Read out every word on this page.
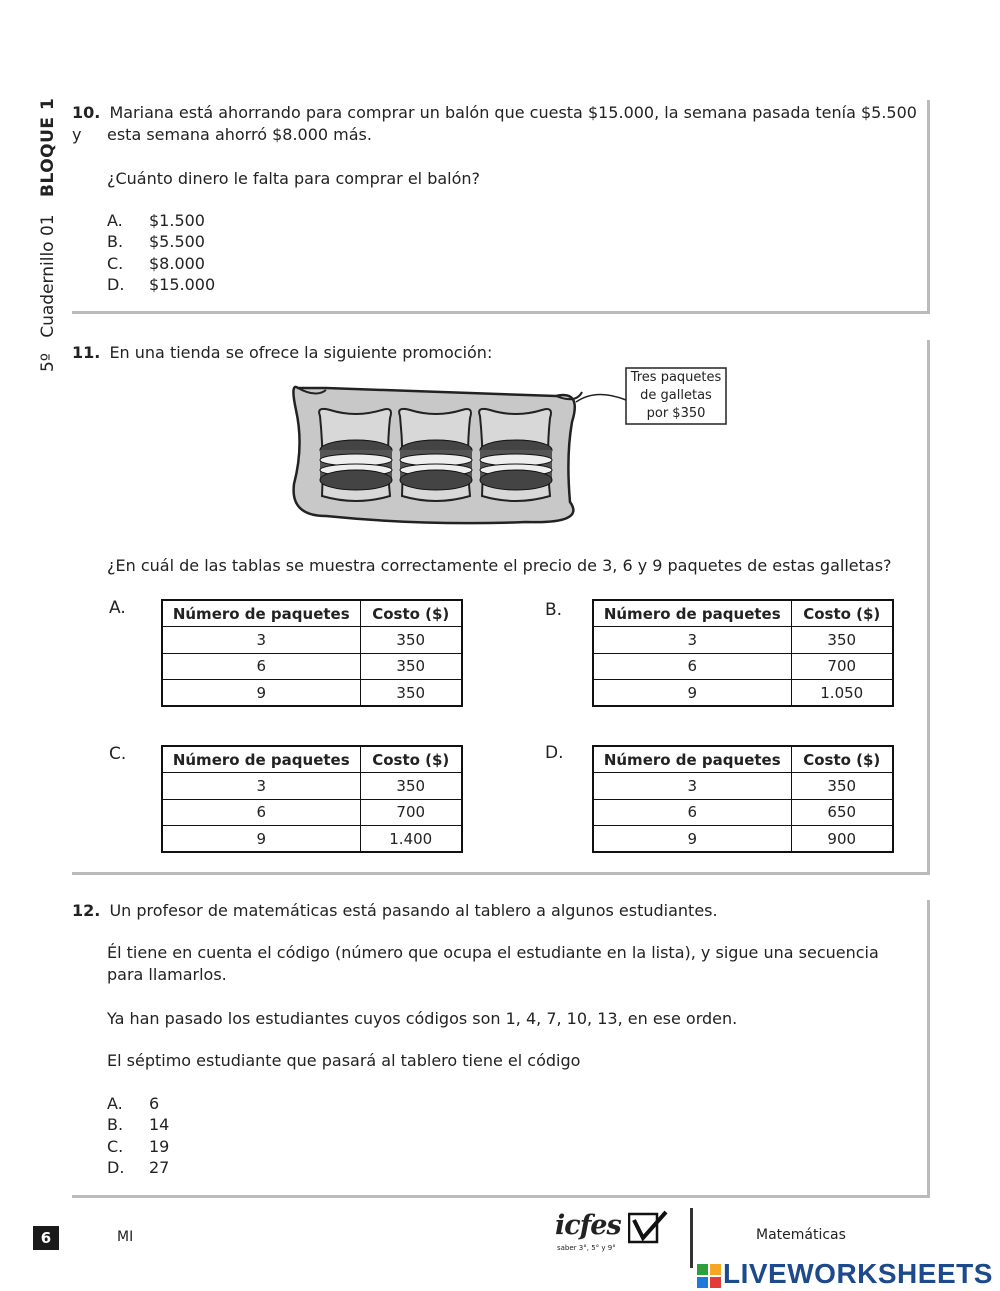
5º Cuadernillo 01 BLOQUE 1 10. Mariana está ahorrando para comprar un balón que cuesta $15.000, la semana pasada tenía $5.500 y	esta semana ahorró $8.000 más.
¿Cuánto dinero le falta para comprar el balón?
A. $1.500
B. $5.500
C. $8.000
D. $15.000
11. En una tienda se ofrece la siguiente promoción:
Tres paquetes
de galletas
por $350
¿En cuál de las tablas se muestra correctamente el precio de 3, 6 y 9 paquetes de estas galletas?
A.	Número de paquetes	Costo ($)
3	350
6	350
9	350
B.	Número de paquetes	Costo ($)
3	350
6	700
9	1.050
C.	Número de paquetes	Costo ($)
3	350
6	700
9	1.400
D.	Número de paquetes	Costo ($)
3	350
6	650
9	900
12. Un profesor de matemáticas está pasando al tablero a algunos estudiantes.
Él tiene en cuenta el código (número que ocupa el estudiante en la lista), y sigue una secuencia
para llamarlos.
Ya han pasado los estudiantes cuyos códigos son 1, 4, 7, 10, 13, en ese orden.
El séptimo estudiante que pasará al tablero tiene el código
A. 6
B. 14
C. 19
D. 27
6	MI	icfes
saber 3°, 5° y 9°
Matemáticas
LIVEWORKSHEETS
